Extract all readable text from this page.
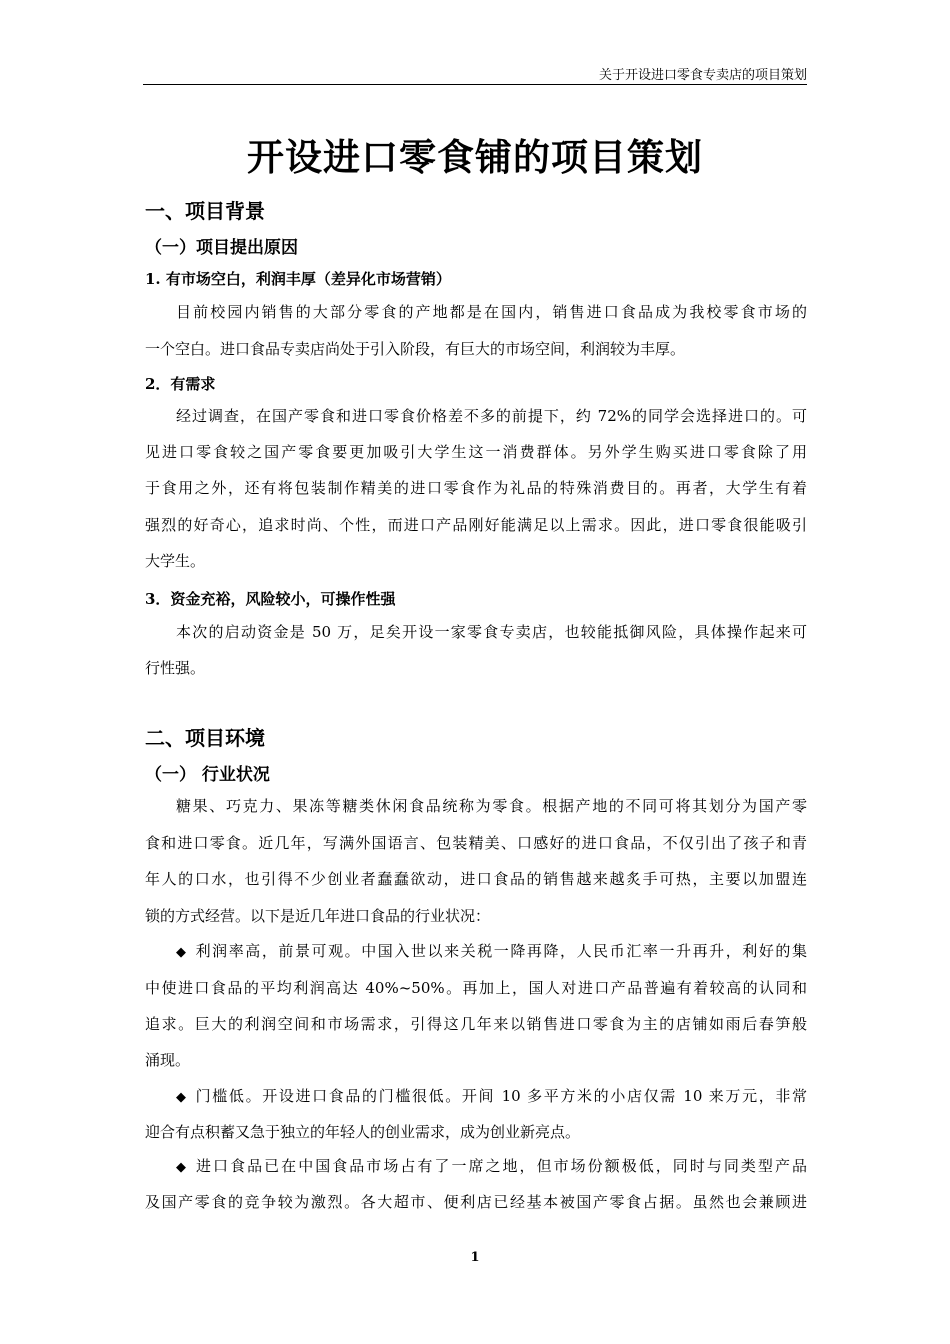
关于开设进口零食专卖店的项目策划
开设进口零食铺的项目策划
一、项目背景
（一）项目提出原因
1. 有市场空白，利润丰厚（差异化市场营销）
目前校园内销售的大部分零食的产地都是在国内，销售进口食品成为我校零食市场的
一个空白。进口食品专卖店尚处于引入阶段，有巨大的市场空间，利润较为丰厚。
2．有需求
经过调查，在国产零食和进口零食价格差不多的前提下，约 72%的同学会选择进口的。可
见进口零食较之国产零食要更加吸引大学生这一消费群体。另外学生购买进口零食除了用
于食用之外，还有将包装制作精美的进口零食作为礼品的特殊消费目的。再者，大学生有着
强烈的好奇心，追求时尚、个性，而进口产品刚好能满足以上需求。因此，进口零食很能吸引
大学生。
3．资金充裕，风险较小，可操作性强
本次的启动资金是 50 万，足矣开设一家零食专卖店，也较能抵御风险，具体操作起来可
行性强。
二、项目环境
（一） 行业状况
糖果、巧克力、果冻等糖类休闲食品统称为零食。根据产地的不同可将其划分为国产零
食和进口零食。近几年，写满外国语言、包装精美、口感好的进口食品，不仅引出了孩子和青
年人的口水，也引得不少创业者蠢蠢欲动，进口食品的销售越来越炙手可热，主要以加盟连
锁的方式经营。以下是近几年进口食品的行业状况：
◆ 利润率高，前景可观。中国入世以来关税一降再降，人民币汇率一升再升，利好的集
中使进口食品的平均利润高达 40%~50%。再加上，国人对进口产品普遍有着较高的认同和
追求。巨大的利润空间和市场需求，引得这几年来以销售进口零食为主的店铺如雨后春笋般
涌现。
◆ 门槛低。开设进口食品的门槛很低。开间 10 多平方米的小店仅需 10 来万元，非常
迎合有点积蓄又急于独立的年轻人的创业需求，成为创业新亮点。
◆ 进口食品已在中国食品市场占有了一席之地，但市场份额极低，同时与同类型产品
及国产零食的竞争较为激烈。各大超市、便利店已经基本被国产零食占据。虽然也会兼顾进
1
